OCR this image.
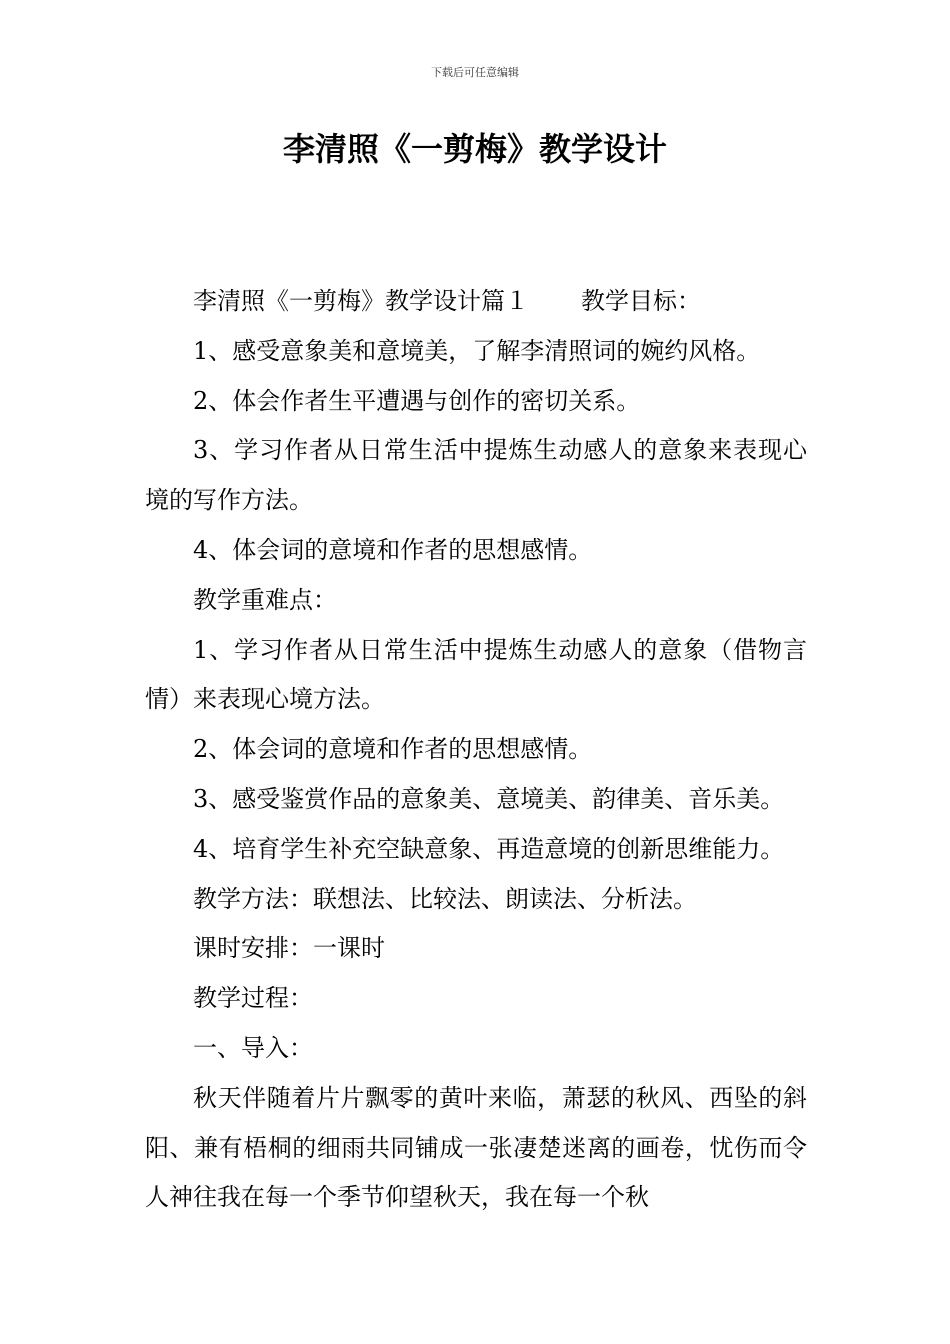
下载后可任意编辑
李清照《一剪梅》教学设计

李清照《一剪梅》教学设计篇１ 教学目标：

1、感受意象美和意境美，了解李清照词的婉约风格。

2、体会作者生平遭遇与创作的密切关系。

3、学习作者从日常生活中提炼生动感人的意象来表现心境的写作方法。

4、体会词的意境和作者的思想感情。

教学重难点：

1、学习作者从日常生活中提炼生动感人的意象（借物言情）来表现心境方法。

2、体会词的意境和作者的思想感情。

3、感受鉴赏作品的意象美、意境美、韵律美、音乐美。

4、培育学生补充空缺意象、再造意境的创新思维能力。

教学方法：联想法、比较法、朗读法、分析法。

课时安排：一课时

教学过程：

一、导入：

秋天伴随着片片飘零的黄叶来临，萧瑟的秋风、西坠的斜阳、兼有梧桐的细雨共同铺成一张凄楚迷离的画卷，忧伤而令人神往我在每一个季节仰望秋天，我在每一个秋
